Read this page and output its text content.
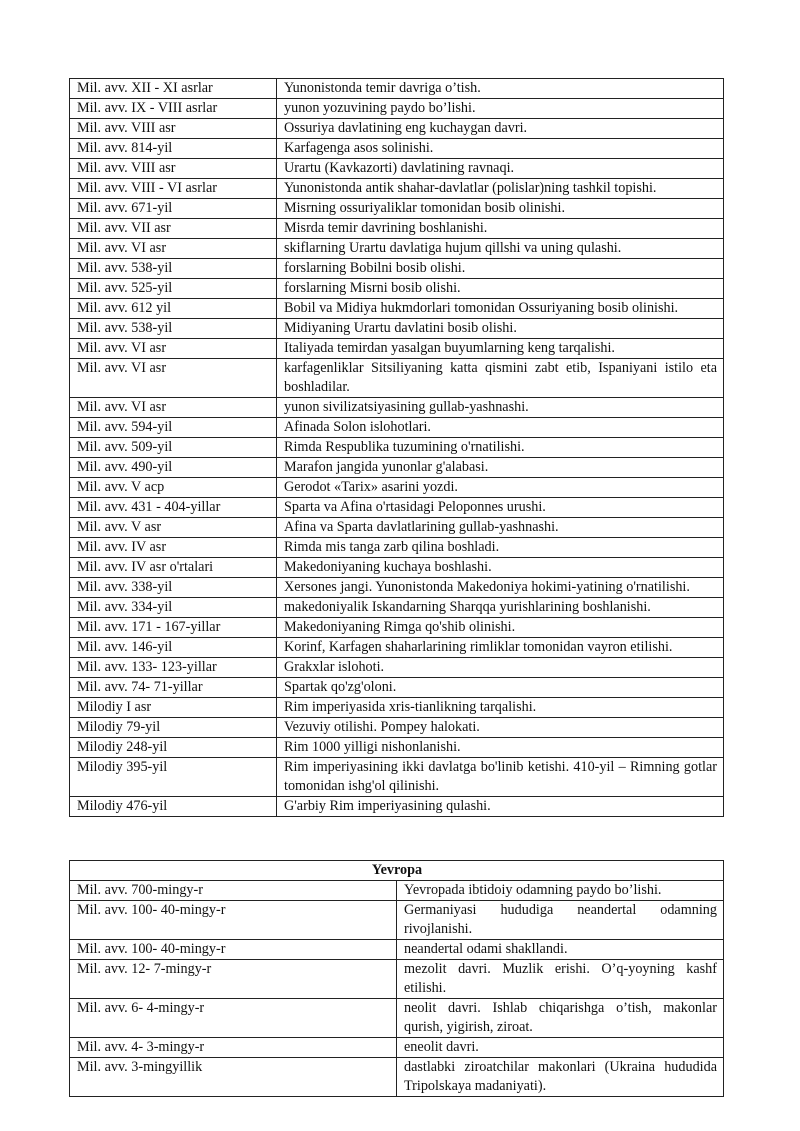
Mil. avv. XII - XI asrlar	Yunonistonda temir davriga o’tish.
Mil. avv. IX - VIII asrlar	yunon yozuvining paydo bo’lishi.
Mil. avv. VIII asr	Ossuriya davlatining eng kuchaygan davri.
Mil. avv. 814-yil	Karfagenga asos solinishi.
Mil. avv. VIII asr	Urartu (Kavkazorti) davlatining ravnaqi.
Mil. avv. VIII - VI asrlar	Yunonistonda antik shahar-davlatlar (polislar)ning tashkil topishi.
Mil. avv. 671-yil	Misrning ossuriyaliklar tomonidan bosib olinishi.
Mil. avv. VII asr	Misrda temir davrining boshlanishi.
Mil. avv. VI asr	skiflarning Urartu davlatiga hujum qillshi va uning qulashi.
Mil. avv. 538-yil	forslarning Bobilni bosib olishi.
Mil. avv. 525-yil	forslarning Misrni bosib olishi.
Mil. avv. 612 yil	Bobil va Midiya hukmdorlari tomonidan Ossuriyaning bosib olinishi.
Mil. avv. 538-yil	Midiyaning Urartu davlatini bosib olishi.
Mil. avv. VI asr	Italiyada temirdan yasalgan buyumlarning keng tarqalishi.
Mil. avv. VI asr	karfagenliklar Sitsiliyaning katta qismini zabt etib, Ispaniyani istilo eta boshladilar.
Mil. avv. VI asr	yunon sivilizatsiyasining gullab-yashnashi.
Mil. avv. 594-yil	Afinada Solon islohotlari.
Mil. avv. 509-yil	Rimda Respublika tuzumining o'rnatilishi.
Mil. avv. 490-yil	Marafon jangida yunonlar g'alabasi.
Mil. avv. V acp	Gerodot «Tarix» asarini yozdi.
Mil. avv. 431 - 404-yillar	Sparta va Afina o'rtasidagi Peloponnes urushi.
Mil. avv. V asr	Afina va Sparta davlatlarining gullab-yashnashi.
Mil. avv. IV asr	Rimda mis tanga zarb qilina boshladi.
Mil. avv. IV asr o'rtalari	Makedoniyaning kuchaya boshlashi.
Mil. avv. 338-yil	Xersones jangi. Yunonistonda Makedoniya hokimi-yatining o'rnatilishi.
Mil. avv. 334-yil	makedoniyalik Iskandarning Sharqqa yurishlarining boshlanishi.
Mil. avv. 171 - 167-yillar	Makedoniyaning Rimga qo'shib olinishi.
Mil. avv. 146-yil	Korinf, Karfagen shaharlarining rimliklar tomonidan vayron etilishi.
Mil. avv. 133- 123-yillar	Grakxlar islohoti.
Mil. avv. 74- 71-yillar	Spartak qo'zg'oloni.
Milodiy I asr	Rim imperiyasida xris-tianlikning tarqalishi.
Milodiy 79-yil	Vezuviy otilishi. Pompey halokati.
Milodiy 248-yil	Rim 1000 yilligi nishonlanishi.
Milodiy 395-yil	Rim imperiyasining ikki davlatga bo'linib ketishi. 410-yil – Rimning gotlar tomonidan ishg'ol qilinishi.
Milodiy 476-yil	G'arbiy Rim imperiyasining qulashi.
Yevropa	
Mil. avv. 700-mingy-r	Yevropada ibtidoiy odamning paydo bo’lishi.
Mil. avv. 100- 40-mingy-r	Germaniyasi hududiga neandertal odamning rivojlanishi.
Mil. avv. 100- 40-mingy-r	neandertal odami shakllandi.
Mil. avv. 12- 7-mingy-r	mezolit davri. Muzlik erishi. O’q-yoyning kashf etilishi.
Mil. avv. 6- 4-mingy-r	neolit davri. Ishlab chiqarishga o’tish, makonlar qurish, yigirish, ziroat.
Mil. avv. 4- 3-mingy-r	eneolit davri.
Mil. avv. 3-mingyillik	dastlabki ziroatchilar makonlari (Ukraina hududida Tripolskaya madaniyati).
